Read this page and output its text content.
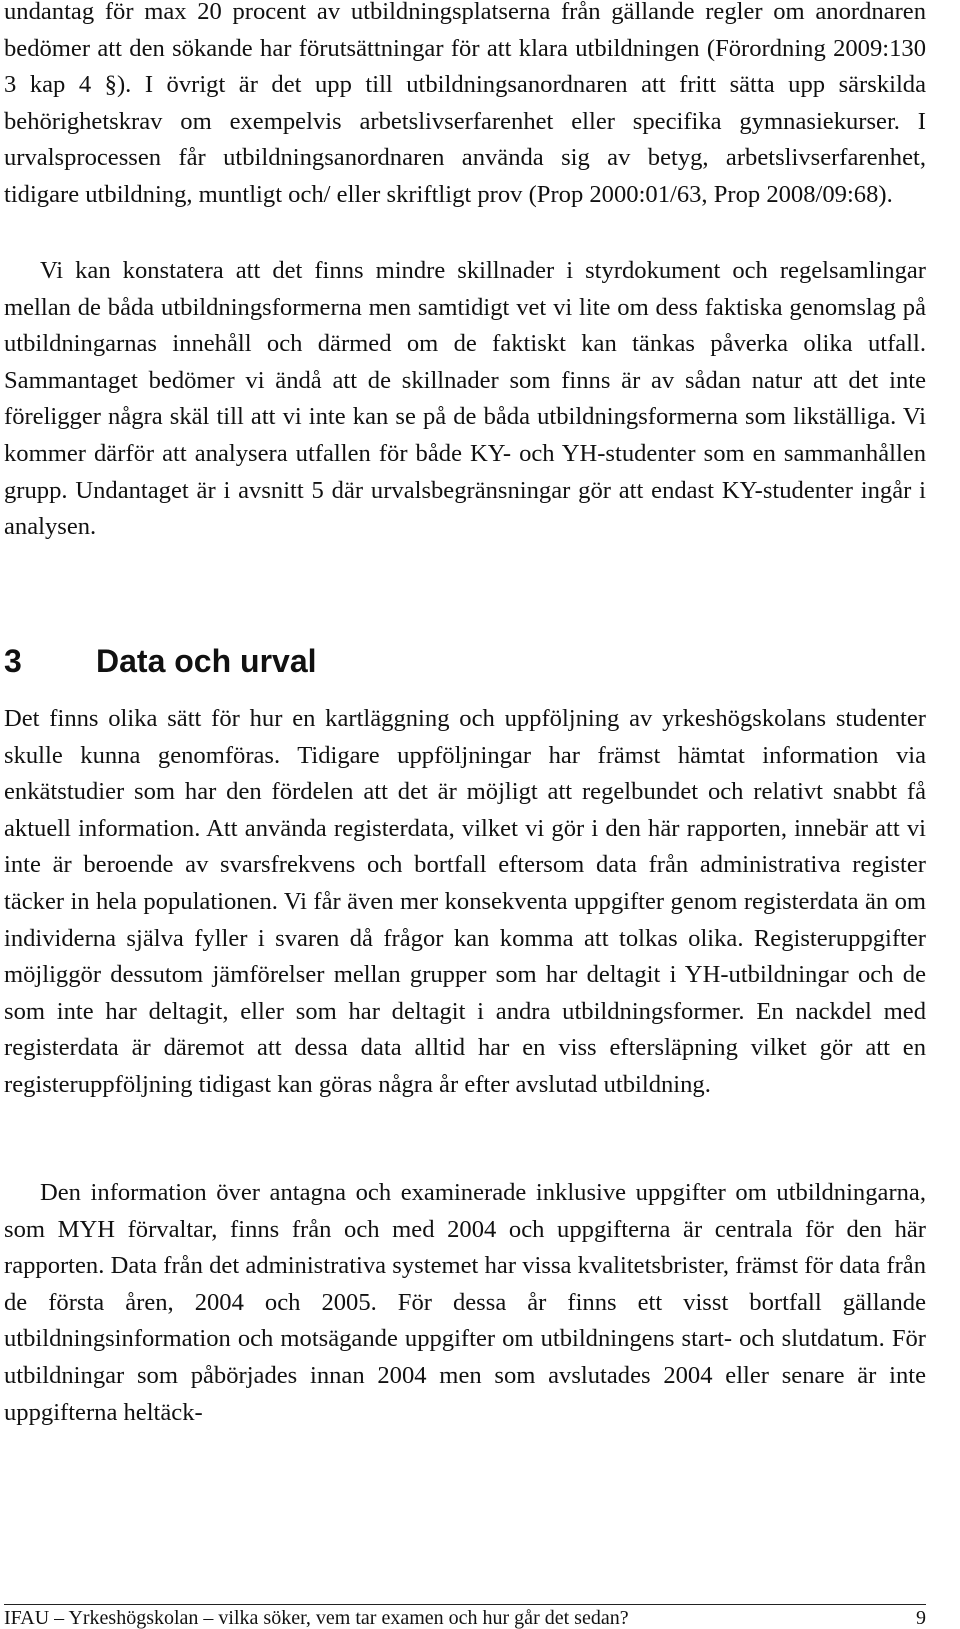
undantag för max 20 procent av utbildningsplatserna från gällande regler om anordnaren bedömer att den sökande har förutsättningar för att klara utbildningen (Förordning 2009:130 3 kap 4 §). I övrigt är det upp till utbildningsanordnaren att fritt sätta upp särskilda behörighetskrav om exempelvis arbetslivserfarenhet eller specifika gymnasiekurser. I urvalsprocessen får utbildningsanordnaren använda sig av betyg, arbetslivserfarenhet, tidigare utbildning, muntligt och/ eller skriftligt prov (Prop 2000:01/63, Prop 2008/09:68).

Vi kan konstatera att det finns mindre skillnader i styrdokument och regelsamlingar mellan de båda utbildningsformerna men samtidigt vet vi lite om dess faktiska genomslag på utbildningarnas innehåll och därmed om de faktiskt kan tänkas påverka olika utfall. Sammantaget bedömer vi ändå att de skillnader som finns är av sådan natur att det inte föreligger några skäl till att vi inte kan se på de båda utbildningsformerna som likställiga. Vi kommer därför att analysera utfallen för både KY- och YH-studenter som en sammanhållen grupp. Undantaget är i avsnitt 5 där urvalsbegränsningar gör att endast KY-studenter ingår i analysen.

3 Data och urval

Det finns olika sätt för hur en kartläggning och uppföljning av yrkeshögskolans studenter skulle kunna genomföras. Tidigare uppföljningar har främst hämtat information via enkätstudier som har den fördelen att det är möjligt att regelbundet och relativt snabbt få aktuell information. Att använda registerdata, vilket vi gör i den här rapporten, innebär att vi inte är beroende av svarsfrekvens och bortfall eftersom data från administrativa register täcker in hela populationen. Vi får även mer konsekventa uppgifter genom registerdata än om individerna själva fyller i svaren då frågor kan komma att tolkas olika. Registeruppgifter möjliggör dessutom jämförelser mellan grupper som har deltagit i YH-utbildningar och de som inte har deltagit, eller som har deltagit i andra utbildningsformer. En nackdel med registerdata är däremot att dessa data alltid har en viss eftersläpning vilket gör att en registeruppföljning tidigast kan göras några år efter avslutad utbildning.

Den information över antagna och examinerade inklusive uppgifter om utbildningarna, som MYH förvaltar, finns från och med 2004 och uppgifterna är centrala för den här rapporten. Data från det administrativa systemet har vissa kvalitetsbrister, främst för data från de första åren, 2004 och 2005. För dessa år finns ett visst bortfall gällande utbildningsinformation och motsägande uppgifter om utbildningens start- och slutdatum. För utbildningar som påbörjades innan 2004 men som avslutades 2004 eller senare är inte uppgifterna heltäck-

IFAU – Yrkeshögskolan – vilka söker, vem tar examen och hur går det sedan?	9
